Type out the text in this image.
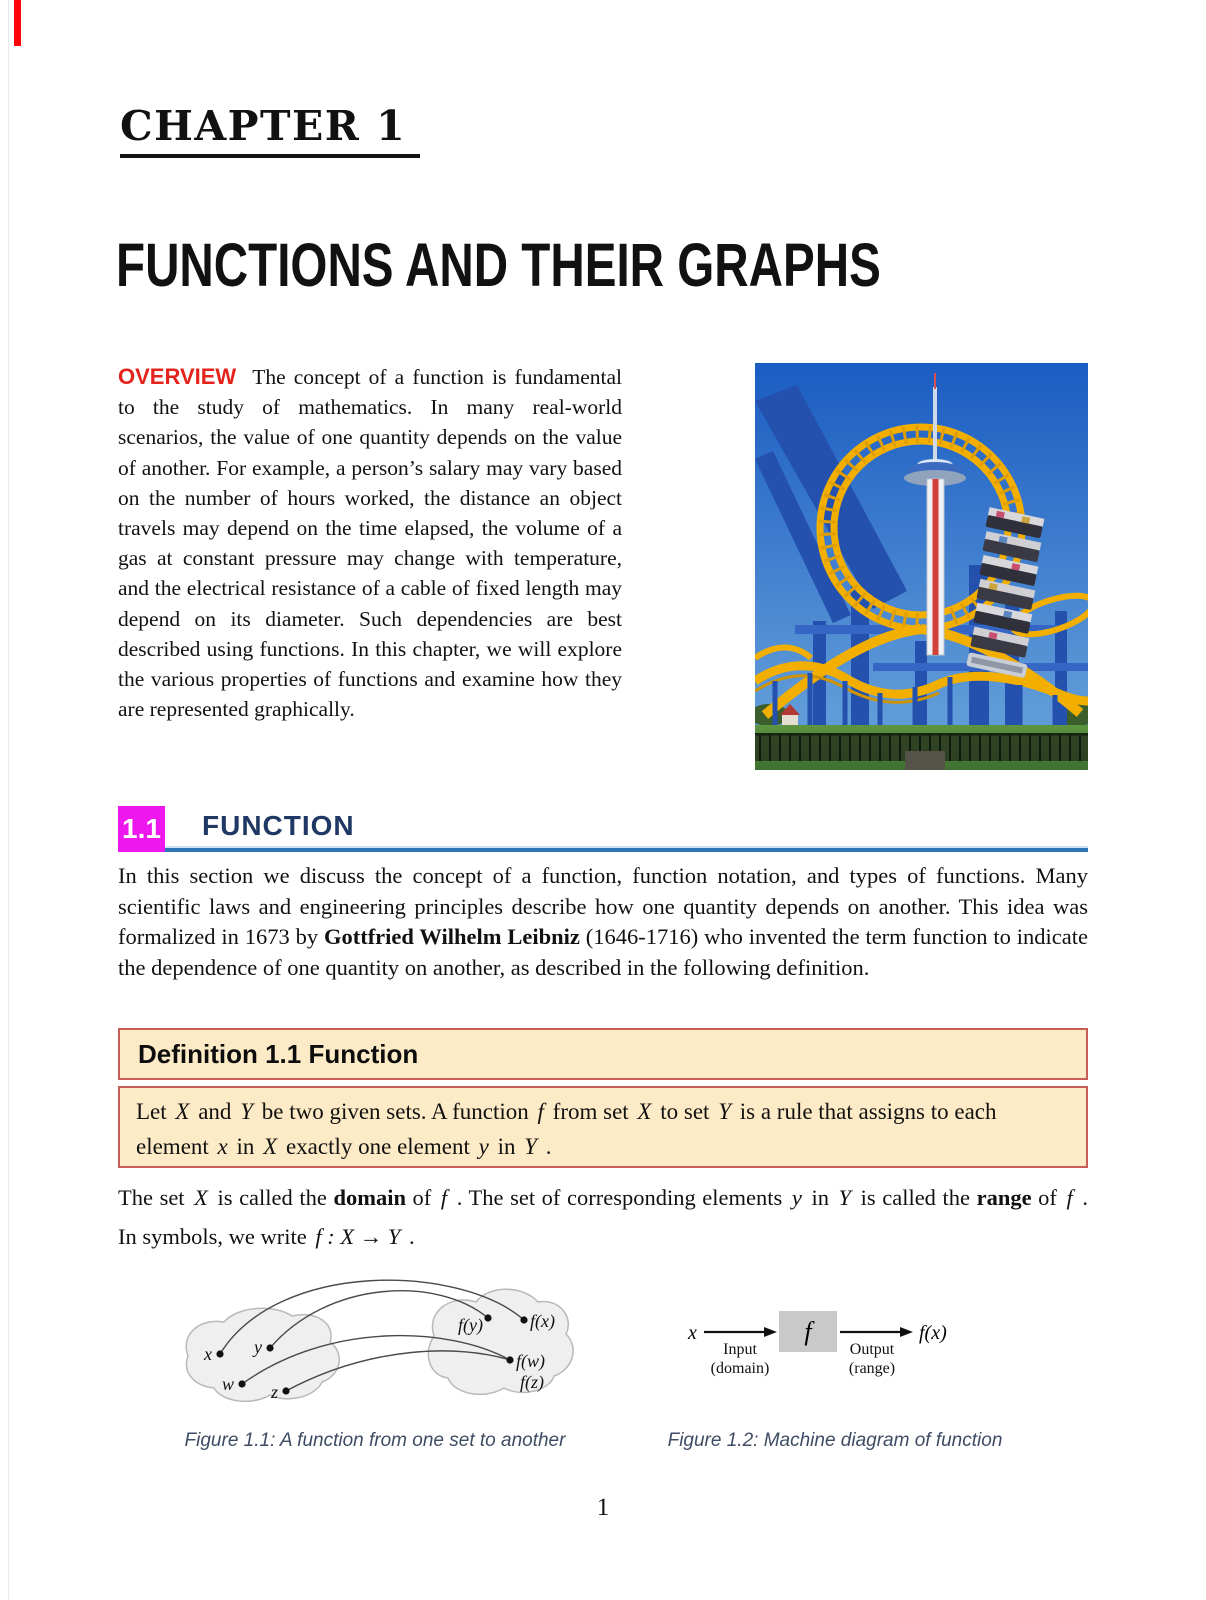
CHAPTER 1
FUNCTIONS AND THEIR GRAPHS
OVERVIEW The concept of a function is fundamental to the study of mathematics. In many real-world scenarios, the value of one quantity depends on the value of another. For example, a person’s salary may vary based on the number of hours worked, the distance an object travels may depend on the time elapsed, the volume of a gas at constant pressure may change with temperature, and the electrical resistance of a cable of fixed length may depend on its diameter. Such dependencies are best described using functions. In this chapter, we will explore the various properties of functions and examine how they are represented graphically.
1.1 FUNCTION
In this section we discuss the concept of a function, function notation, and types of functions. Many scientific laws and engineering principles describe how one quantity depends on another. This idea was formalized in 1673 by Gottfried Wilhelm Leibniz (1646-1716) who invented the term function to indicate the dependence of one quantity on another, as described in the following definition.
Definition 1.1 Function
Let X and Y be two given sets. A function f from set X to set Y is a rule that assigns to each element x in X exactly one element y in Y .
The set X is called the domain of f . The set of corresponding elements y in Y is called the range of f . In symbols, we write f : X → Y .
x y
w z
f(y)	f(x)
f(w)
f(z)
x	f	f(x)
Input
(domain)
Output
(range)
Figure 1.1: A function from one set to another	Figure 1.2: Machine diagram of function
1
